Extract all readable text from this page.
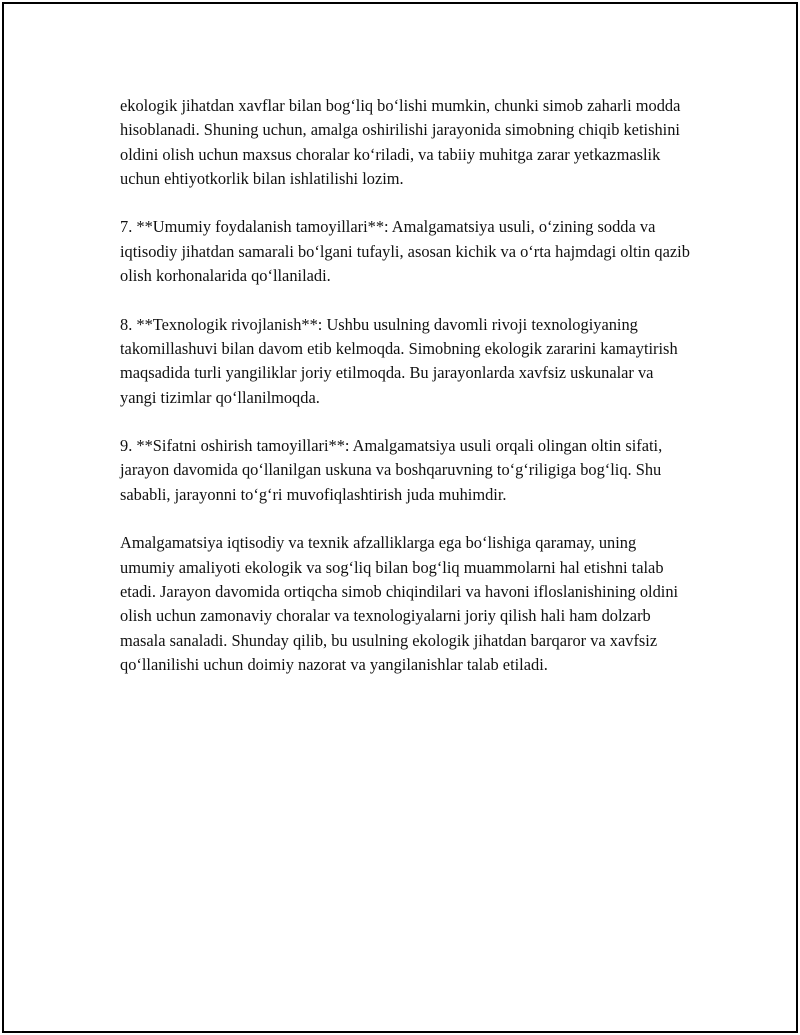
ekologik jihatdan xavflar bilan bog‘liq bo‘lishi mumkin, chunki simob zaharli modda hisoblanadi. Shuning uchun, amalga oshirilishi jarayonida simobning chiqib ketishini oldini olish uchun maxsus choralar ko‘riladi, va tabiiy muhitga zarar yetkazmaslik uchun ehtiyotkorlik bilan ishlatilishi lozim.

7. **Umumiy foydalanish tamoyillari**: Amalgamatsiya usuli, o‘zining sodda va iqtisodiy jihatdan samarali bo‘lgani tufayli, asosan kichik va o‘rta hajmdagi oltin qazib olish korhonalarida qo‘llaniladi.

8. **Texnologik rivojlanish**: Ushbu usulning davomli rivoji texnologiyaning takomillashuvi bilan davom etib kelmoqda. Simobning ekologik zararini kamaytirish maqsadida turli yangiliklar joriy etilmoqda. Bu jarayonlarda xavfsiz uskunalar va yangi tizimlar qo‘llanilmoqda.

9. **Sifatni oshirish tamoyillari**: Amalgamatsiya usuli orqali olingan oltin sifati, jarayon davomida qo‘llanilgan uskuna va boshqaruvning to‘g‘riligiga bog‘liq. Shu sababli, jarayonni to‘g‘ri muvofiqlashtirish juda muhimdir.

Amalgamatsiya iqtisodiy va texnik afzalliklarga ega bo‘lishiga qaramay, uning umumiy amaliyoti ekologik va sog‘liq bilan bog‘liq muammolarni hal etishni talab etadi. Jarayon davomida ortiqcha simob chiqindilari va havoni ifloslanishining oldini olish uchun zamonaviy choralar va texnologiyalarni joriy qilish hali ham dolzarb masala sanaladi. Shunday qilib, bu usulning ekologik jihatdan barqaror va xavfsiz qo‘llanilishi uchun doimiy nazorat va yangilanishlar talab etiladi.
